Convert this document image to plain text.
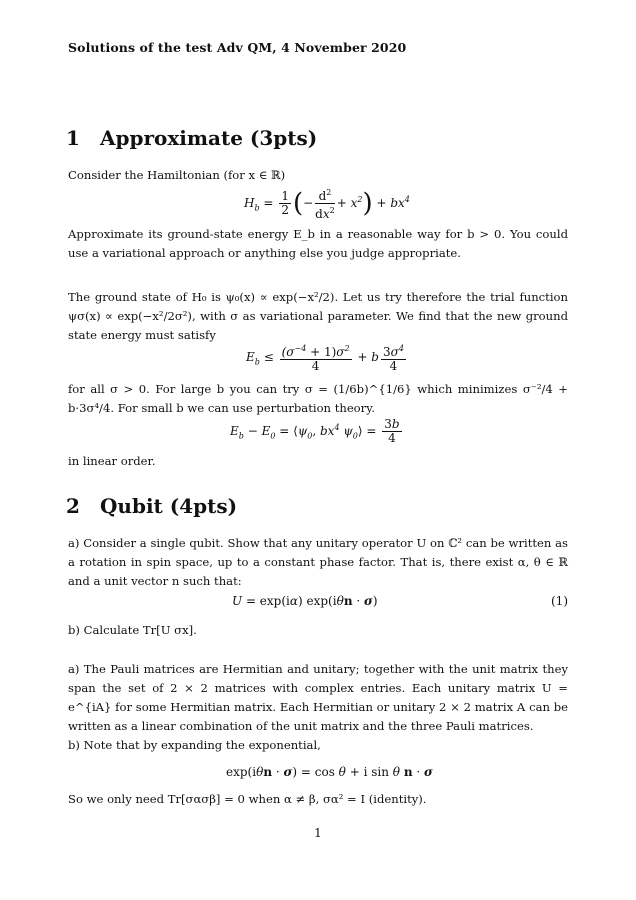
Solutions of the test Adv QM, 4 November 2020
1 Approximate (3pts)
Consider the Hamiltonian (for x ∈ ℝ)
$H_b = \frac{1}{2}$ (− $\frac{d^2}{dx^2} + x^2) + bx^4$
Approximate its ground-state energy E_b in a reasonable way for b > 0. You could use a variational approach or anything else you judge appropriate.
The ground state of H₀ is ψ₀(x) ∝ exp(−x²/2). Let us try therefore the trial function ψσ(x) ∝ exp(−x²/2σ²), with σ as variational parameter. We find that the new ground state energy must satisfy
$E_b \le \frac{(\sigma^{-4} + 1)\sigma^2}{4} + b \frac{3\sigma^4}{4}$
for all σ > 0. For large b you can try σ = (1/6b)^{1/6} which minimizes σ⁻²/4 + b·3σ⁴/4. For small b we can use perturbation theory.
$E_b - E_0$ = $⟨\psi_0$, $bx^4$ $\psi_0⟩ = \frac{3b}{4}$
in linear order.
2 Qubit (4pts)
a) Consider a single qubit. Show that any unitary operator U on ℂ² can be written as a rotation in spin space, up to a constant phase factor. That is, there exist α, θ ∈ ℝ and a unit vector n such that:
U = exp(iα) exp(iθn · σ)	(1)
b) Calculate Tr[U σx].
a) The Pauli matrices are Hermitian and unitary; together with the unit matrix they span the set of 2 × 2 matrices with complex entries. Each unitary matrix U = e^{iA} for some Hermitian matrix. Each Hermitian or unitary 2 × 2 matrix A can be written as a linear combination of the unit matrix and the three Pauli matrices.
b) Note that by expanding the exponential,
exp(iθn · σ) = cos θ + i sin θ n · σ
So we only need Tr[σασβ] = 0 when α ≠ β, σα² = I (identity).
1
